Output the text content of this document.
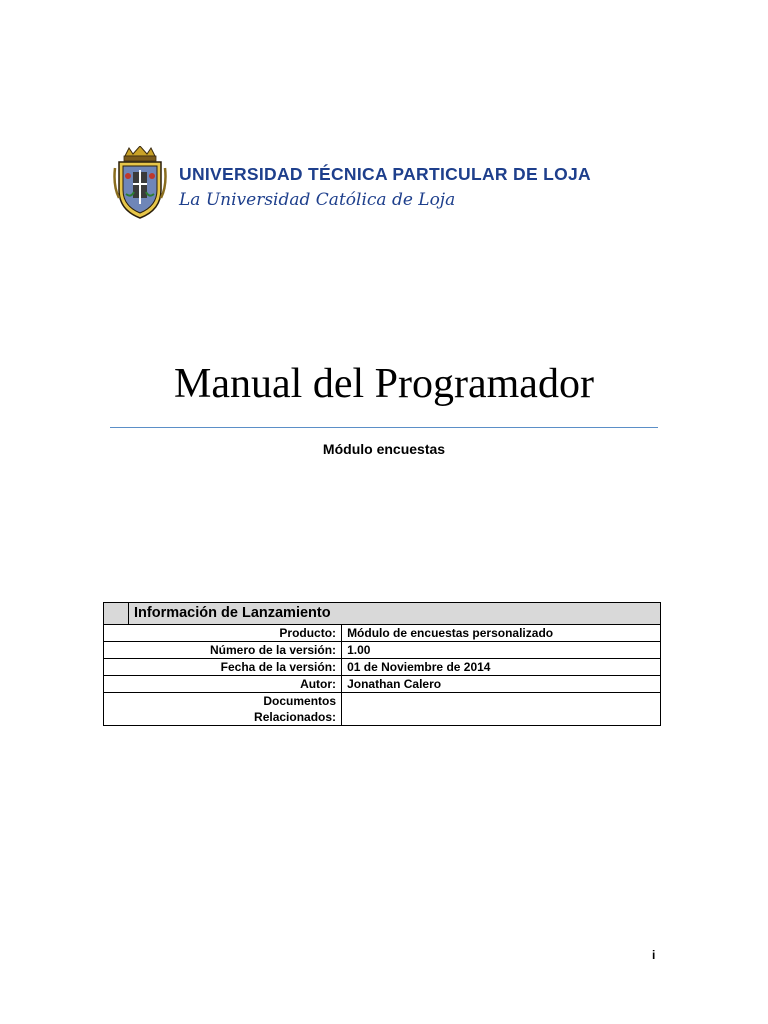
UNIVERSIDAD TÉCNICA PARTICULAR DE LOJA
La Universidad Católica de Loja
Manual del Programador
Módulo encuestas
	Información de Lanzamiento	
Producto:		Módulo de encuestas personalizado
Número de la versión:		1.00
Fecha de la versión:		01 de Noviembre de 2014
Autor:		Jonathan Calero

Documentos
Relacionados:		

i
